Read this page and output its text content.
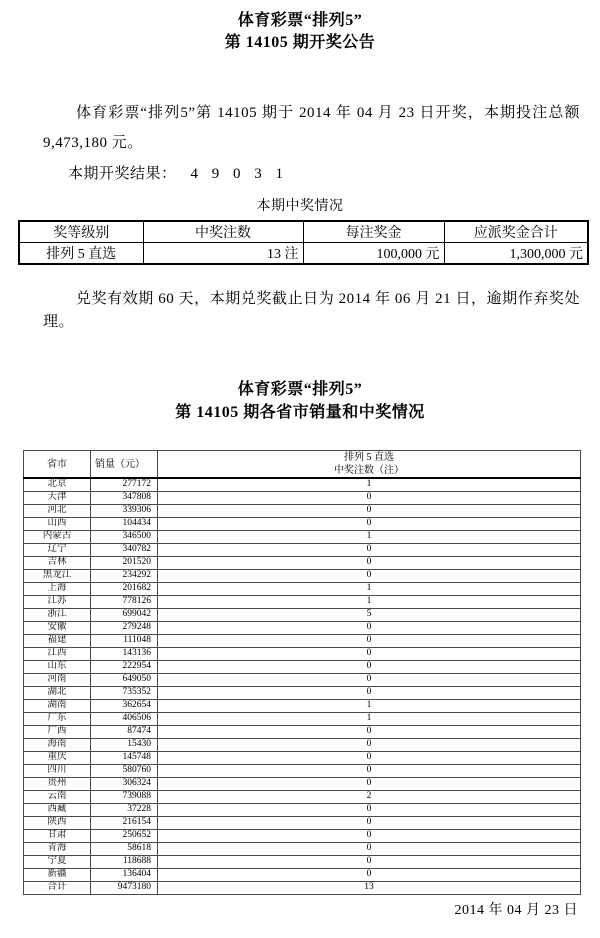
体育彩票“排列5”
第 14105 期开奖公告

体育彩票“排列5”第 14105 期于 2014 年 04 月 23 日开奖，本期投注总额 9,473,180 元。

本期开奖结果： 4 9 0 3 1

本期中奖情况
奖等级别	中奖注数	每注奖金	应派奖金合计
排列 5 直选	13 注	100,000 元	1,300,000 元

兑奖有效期 60 天，本期兑奖截止日为 2014 年 06 月 21 日，逾期作弃奖处理。

体育彩票“排列5”
第 14105 期各省市销量和中奖情况
省市	销量（元）	排列 5 直选
中奖注数（注）

北京	277172	1
天津	347808	0
河北	339306	0
山西	104434	0
内蒙古	346500	1
辽宁	340782	0
吉林	201520	0
黑龙江	234292	0
上海	201682	1
江苏	778126	1
浙江	699042	5
安徽	279248	0
福建	111048	0
江西	143136	0
山东	222954	0
河南	649050	0
湖北	735352	0
湖南	362654	1
广东	406506	1
广西	87474	0
海南	15430	0
重庆	145748	0
四川	580760	0
贵州	306324	0
云南	739088	2
西藏	37228	0
陕西	216154	0
甘肃	250652	0
青海	58618	0
宁夏	118688	0
新疆	136404	0
合计	9473180	13
2014 年 04 月 23 日
